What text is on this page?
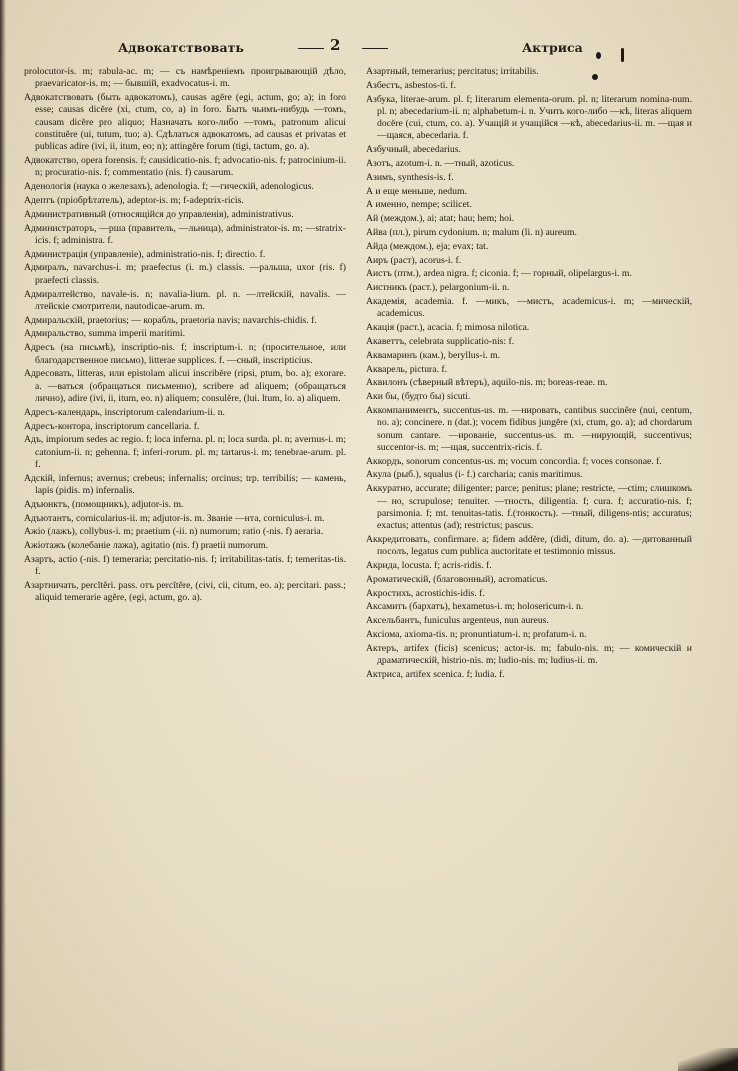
Адвокатствовать	2	Актриса

prolocutor-is. m; rabula-ac. m; — съ намѣреніемъ проигрывающій дѣло, praevaricator-is. m; — бывшій, exadvocatus-i. m.

Адвокатствовать (быть адвокатомъ), causas agĕre (egi, actum, go; a); in foro esse; causas dicĕre (xi, ctum, co, a) in foro. Быть чьимъ-нибудь —томъ, causam dicĕre pro aliquo; Назначать кого-либо —томъ, patronum alicui constituĕre (ui, tutum, tuo; a). Сдѣлаться адвокатомъ, ad causas et privatas et publicas adire (ivi, ii, itum, eo; n); attingĕre forum (tigi, tactum, go. a).

Адвокатство, opera forensis. f; causidicatio-nis. f; advocatio-nis. f; patrocinium-ii. n; procuratio-nis. f; commentatio (nis. f) causarum.

Аденологія (наука о железахъ), adenologia. f; —гическій, adenologicus.

Адептъ (пріобрѣтатель), adeptor-is. m; f-adeptrix-ricis.

Административный (относящійся до управленія), administrativus.

Администраторъ, —рша (правитель, —льница), administrator-is. m; —stratrix-icis. f; administra. f.

Администрація (управленіе), administratio-nis. f; directio. f.

Адмиралъ, navarchus-i. m; praefectus (i. m.) classis. —ральша, uxor (ris. f) praefecti classis.

Адмиралтейство, navale-is. n; navalia-lium. pl. n. —лтейскій, navalis. —лтейскіе смотрители, nautodicae-arum. m.

Адмиральскій, praetorius; — корабль, praetoria navis; navarchis-chidis. f.

Адмиральство, summa imperii maritimi.

Адресъ (на письмѣ), inscriptio-nis. f; inscriptum-i. n; (просительное, или благодарственное письмо), litterae supplices. f. —сный, inscripticius.

Адресовать, litteras, или epistolam alicui inscribĕre (ripsi, ptum, bo. a); exorare. a. —ваться (обращаться письменно), scribere ad aliquem; (обращаться лично), adire (ivi, ii, itum, eo. n) aliquem; consulĕre, (lui. ltum, lo. a) aliquem.

Адресъ-календарь, inscriptorum calendarium-ii. n.

Адресъ-контора, inscriptorum cancellaria. f.

Адъ, impiorum sedes ac regio. f; loca inferna. pl. n; loca surda. pl. n; avernus-i. m; catonium-ii. n; gehenna. f; inferi-rorum. pl. m; tartarus-i. m; tenebrae-arum. pl. f.

Адскій, infernus; avernus; crebeus; infernalis; orcinus; trp. terribilis; — камень, lapis (pidis. m) infernalis.

Адъюнктъ, (помощникъ), adjutor-is. m.

Адъютантъ, cornicularius-ii. m; adjutor-is. m. Званіе —нта, corniculus-i. m.

Ажіо (лажъ), collybus-i. m; praetium (-ii. n) numorum; ratio (-nis. f) aeraria.

Ажіотажъ (колебаніе лажа), agitatio (nis. f) praetii numorum.

Азартъ, actio (-nis. f) temeraria; percitatio-nis. f; irritabilitas-tatis. f; temeritas-tis. f.

Азартничать, percĭtĕri. pass. отъ percĭtĕre, (civi, cii, citum, eo. a); percitari. pass.; aliquid temerarie agĕre, (egi, actum, go. a).

Азартный, temerarius; percitatus; irritabilis.

Азбестъ, asbestos-ti. f.

Азбука, literae-arum. pl. f; literarum elementa-orum. pl. n; literarum nomina-num. pl. n; abecedarium-ii. n; alphabetum-i. n. Учить кого-либо —кѣ, literas aliquem docĕre (cui, ctum, co. a). Учащій и учащійся —кѣ, abecedarius-ii. m. —щая и —щаяся, abecedaria. f.

Азбучный, abecedarius.

Азотъ, azotum-i. n. —тный, azoticus.

Азимъ, synthesis-is. f.

А и еще меньше, nedum.

А именно, nempe; scilicet.

Ай (междом.), ai; atat; hau; hem; hoi.

Айва (пл.), pirum cydonium. n; malum (li. n) aureum.

Айда (междом.), eja; evax; tat.

Аиръ (раст), acorus-i. f.

Аистъ (птм.), ardea nigra. f; ciconia. f; — горный, olipelargus-i. m.

Аистникъ (раст.), pelargonium-ii. n.

Академія, academia. f. —микъ, —мистъ, academicus-i. m; —мическій, academicus.

Акація (раст.), acacia. f; mimosa nilotica.

Акаветтъ, celebrata supplicatio-nis: f.

Аквамаринъ (кам.), beryllus-i. m.

Акварель, pictura. f.

Аквилонъ (сѣверный вѣтеръ), aquilo-nis. m; boreas-reae. m.

Аки бы, (будто бы) sicuti.

Аккомпаниментъ, succentus-us. m. —нировать, cantibus succinĕre (nui, centum, no. a); concinere. n (dat.); vocem fidibus jungĕre (xi, ctum, go. a); ad chordarum sonum cantare. —ированіе, succentus-us. m. —нирующій, succentivus; succentor-is. m; —щая, succentrix-ricis. f.

Аккордъ, sonorum concentus-us. m; vocum concordia. f; voces consonae. f.

Акула (рыб.), squalus (i- f.) carcharia; canis maritimus.

Аккуратно, accurate; diligenter; parce; penitus; plane; restricte, —ctim; слишкомъ — но, scrupulose; tenuiter. —тность, diligentia. f; cura. f; accuratio-nis. f; parsimonia. f; mt. tenuitas-tatis. f.(тонкость). —тный, diligens-ntis; accuratus; exactus; attentus (ad); restrictus; pascus.

Аккредитовать, confirmare. a; fidem addĕre, (didi, ditum, do. a). —дитованный посолъ, legatus cum publica auctoritate et testimonio missus.

Акрида, locusta. f; acris-ridis. f.

Ароматическій, (благовонный), acromaticus.

Акростихъ, acrostichis-idis. f.

Аксамитъ (бархатъ), hexametus-i. m; holosericum-i. n.

Аксельбантъ, funiculus argenteus, nun aureus.

Аксіома, axioma-tis. n; pronuntiatum-i. n; profatum-i. n.

Актеръ, artifex (ficis) scenicus; actor-is. m; fabulo-nis. m; — комическій и драматическій, histrio-nis. m; ludio-nis. m; ludius-ii. m.

Актриса, artifex scenica. f; ludia. f.
